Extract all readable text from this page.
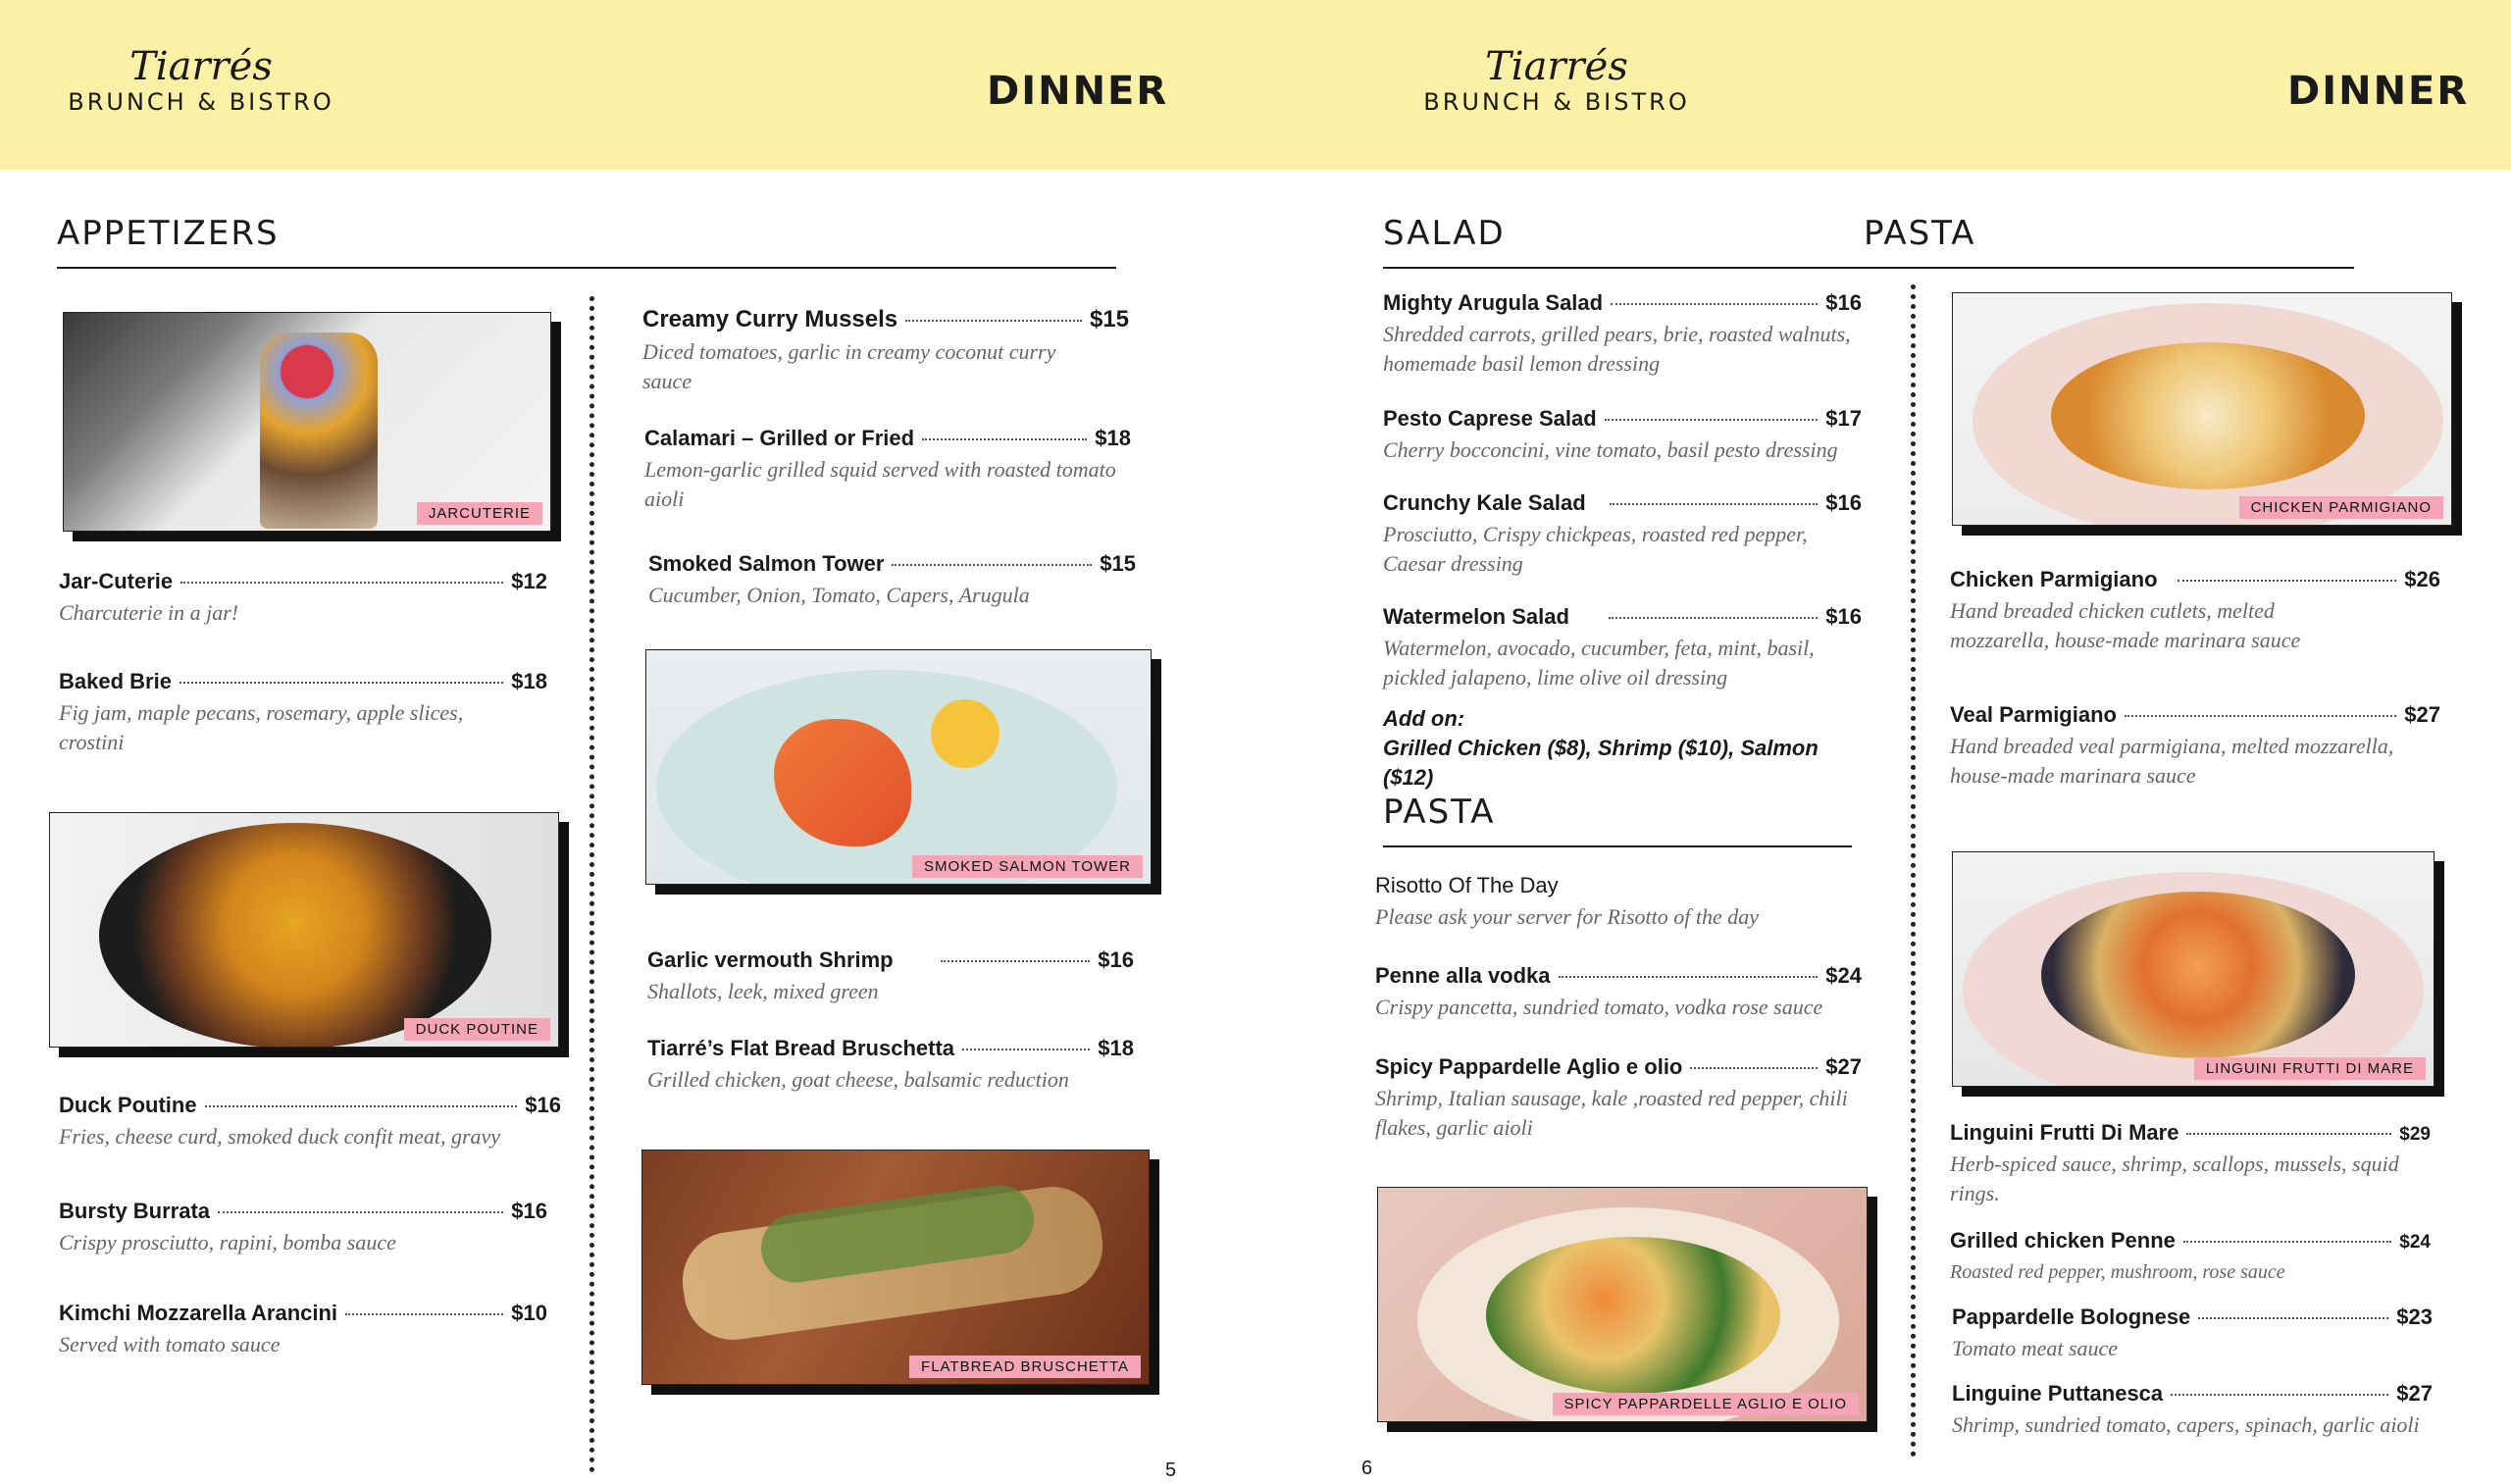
Tiarrés
BRUNCH & BISTRO	DINNER
APPETIZERS
JARCUTERIE
DUCK POUTINE
Jar-Cuterie	$12
Charcuterie in a jar!
Baked Brie	$18
Fig jam, maple pecans, rosemary, apple slices, crostini
Duck Poutine	$16
Fries, cheese curd, smoked duck confit meat, gravy
Bursty Burrata	$16
Crispy prosciutto, rapini, bomba sauce
Kimchi Mozzarella Arancini	$10
Served with tomato sauce
Creamy Curry Mussels	$15
Diced tomatoes, garlic in creamy coconut curry sauce
Calamari – Grilled or Fried	$18
Lemon-garlic grilled squid served with roasted tomato aioli
Smoked Salmon Tower	$15
Cucumber, Onion, Tomato, Capers, Arugula
SMOKED SALMON TOWER
Garlic vermouth Shrimp	$16
Shallots, leek, mixed green
Tiarré’s Flat Bread Bruschetta	$18
Grilled chicken, goat cheese, balsamic reduction
FLATBREAD BRUSCHETTA
5
Tiarrés
BRUNCH & BISTRO	DINNER
SALAD	PASTA
Mighty Arugula Salad	$16
Shredded carrots, grilled pears, brie, roasted walnuts, homemade basil lemon dressing
Pesto Caprese Salad	$17
Cherry bocconcini, vine tomato, basil pesto dressing
Crunchy Kale Salad	$16
Prosciutto, Crispy chickpeas, roasted red pepper, Caesar dressing
Watermelon Salad	$16
Watermelon, avocado, cucumber, feta, mint, basil, pickled jalapeno, lime olive oil dressing
Add on:
Grilled Chicken ($8), Shrimp ($10), Salmon ($12)
PASTA
Risotto Of The Day
Please ask your server for Risotto of the day
Penne alla vodka	$24
Crispy pancetta, sundried tomato, vodka rose sauce
Spicy Pappardelle Aglio e olio	$27
Shrimp, Italian sausage, kale ,roasted red pepper, chili flakes, garlic aioli
SPICY PAPPARDELLE AGLIO E OLIO
CHICKEN PARMIGIANO
Chicken Parmigiano	$26
Hand breaded chicken cutlets, melted mozzarella, house-made marinara sauce
Veal Parmigiano	$27
Hand breaded veal parmigiana, melted mozzarella, house-made marinara sauce
LINGUINI FRUTTI DI MARE
Linguini Frutti Di Mare	$29
Herb-spiced sauce, shrimp, scallops, mussels, squid rings.
Grilled chicken Penne	$24
Roasted red pepper, mushroom, rose sauce
Pappardelle Bolognese	$23
Tomato meat sauce
Linguine Puttanesca	$27
Shrimp, sundried tomato, capers, spinach, garlic aioli
6
